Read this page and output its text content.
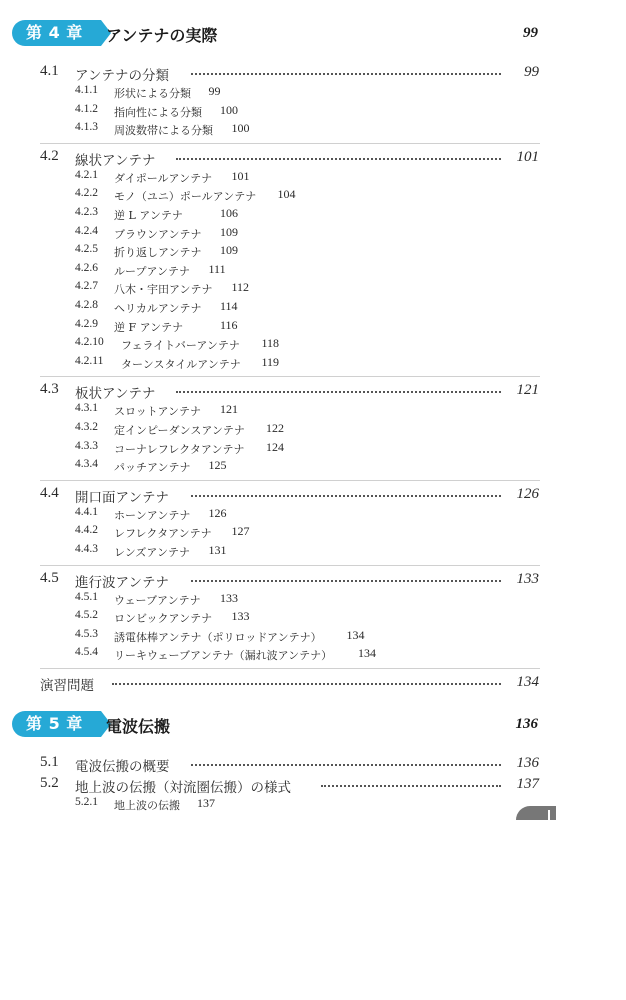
第 4 章	アンテナの実際	99
4.1 アンテナの分類	99
4.1.1 形状による分類 99
4.1.2 指向性による分類 100
4.1.3 周波数帯による分類 100
4.2 線状アンテナ	101
4.2.1 ダイポールアンテナ 101
4.2.2 モノ（ユニ）ポールアンテナ 104
4.2.3 逆 L アンテナ	106
4.2.4 ブラウンアンテナ 109
4.2.5 折り返しアンテナ 109
4.2.6 ループアンテナ 111
4.2.7 八木・宇田アンテナ 112
4.2.8 ヘリカルアンテナ 114
4.2.9 逆 F アンテナ	116
4.2.10 フェライトバーアンテナ 118
4.2.11 ターンスタイルアンテナ 119
4.3 板状アンテナ	121
4.3.1 スロットアンテナ 121
4.3.2 定インピーダンスアンテナ 122
4.3.3 コーナレフレクタアンテナ 124
4.3.4 パッチアンテナ 125
4.4 開口面アンテナ	126
4.4.1 ホーンアンテナ 126
4.4.2 レフレクタアンテナ 127
4.4.3 レンズアンテナ 131
4.5 進行波アンテナ	133
4.5.1 ウェーブアンテナ 133
4.5.2 ロンビックアンテナ 133
4.5.3 誘電体棒アンテナ（ポリロッドアンテナ） 134
4.5.4 リーキウェーブアンテナ（漏れ波アンテナ） 134
演習問題	134
第 5 章	電波伝搬	136
5.1 電波伝搬の概要	136
5.2 地上波の伝搬（対流圏伝搬）の様式	137
5.2.1 地上波の伝搬 137
